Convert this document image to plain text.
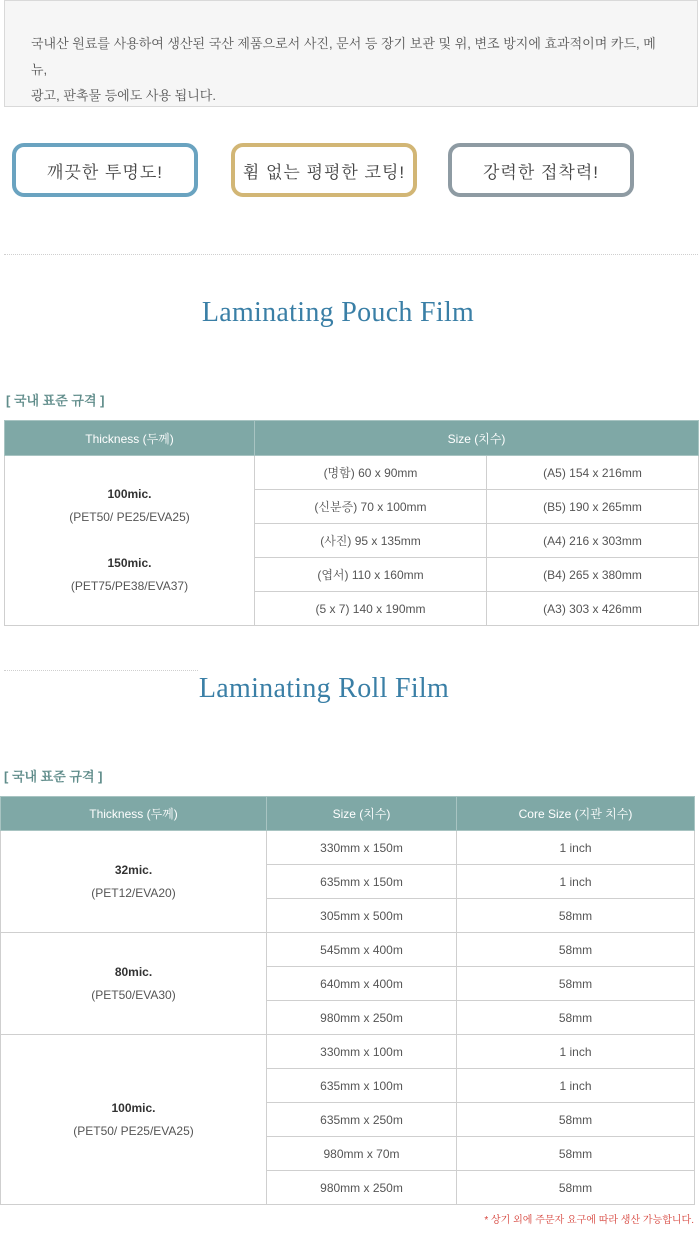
국내산 원료를 사용하여 생산된 국산 제품으로서 사진, 문서 등 장기 보관 및 위, 변조 방지에 효과적이며 카드, 메뉴,
광고, 판촉물 등에도 사용 됩니다.
깨끗한 투명도!	휨 없는 평평한 코팅!	강력한 접착력!
Laminating Pouch Film
[ 국내 표준 규격 ]
Thickness (두께)	Size (치수)	
100mic.
(PET50/ PE25/EVA25)

150mic.
(PET75/PE38/EVA37)	(명함) 60 x 90mm	(A5) 154 x 216mm
	(신분증) 70 x 100mm	(B5) 190 x 265mm
	(사진) 95 x 135mm	(A4) 216 x 303mm
	(엽서) 110 x 160mm	(B4) 265 x 380mm
	(5 x 7) 140 x 190mm	(A3) 303 x 426mm
Laminating Roll Film
[ 국내 표준 규격 ]
Thickness (두께)	Size (치수)	Core Size (지관 치수)
32mic.
(PET12/EVA20)	330mm x 150m	1 inch
	635mm x 150m	1 inch
	305mm x 500m	58mm
80mic.
(PET50/EVA30)	545mm x 400m	58mm
	640mm x 400m	58mm
	980mm x 250m	58mm
100mic.
(PET50/ PE25/EVA25)	330mm x 100m	1 inch
	635mm x 100m	1 inch
	635mm x 250m	58mm
	980mm x 70m	58mm
	980mm x 250m	58mm
* 상기 외에 주문자 요구에 따라 생산 가능합니다.
